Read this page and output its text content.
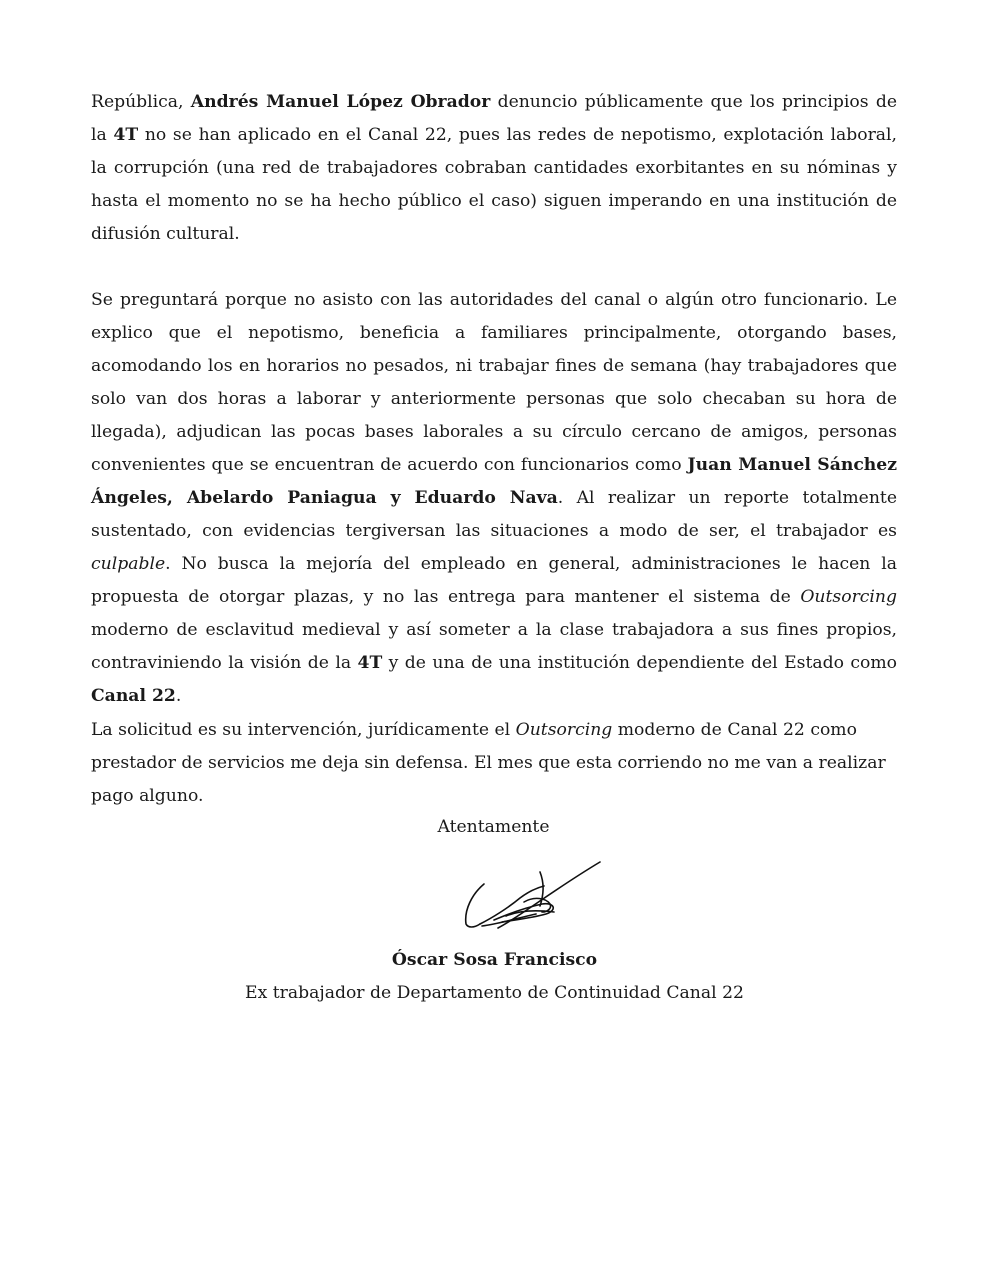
República, Andrés Manuel López Obrador denuncio públicamente que los principios de la 4T no se han aplicado en el Canal 22, pues las redes de nepotismo, explotación laboral, la corrupción (una red de trabajadores cobraban cantidades exorbitantes en su nóminas y hasta el momento no se ha hecho público el caso) siguen imperando en una institución de difusión cultural.

Se preguntará porque no asisto con las autoridades del canal o algún otro funcionario. Le explico que el nepotismo, beneficia a familiares principalmente, otorgando bases, acomodando los en horarios no pesados, ni trabajar fines de semana (hay trabajadores que solo van dos horas a laborar y anteriormente personas que solo checaban su hora de llegada), adjudican las pocas bases laborales a su círculo cercano de amigos, personas convenientes que se encuentran de acuerdo con funcionarios como Juan Manuel Sánchez Ángeles, Abelardo Paniagua y Eduardo Nava. Al realizar un reporte totalmente sustentado, con evidencias tergiversan las situaciones a modo de ser, el trabajador es culpable. No busca la mejoría del empleado en general, administraciones le hacen la propuesta de otorgar plazas, y no las entrega para mantener el sistema de Outsorcing moderno de esclavitud medieval y así someter a la clase trabajadora a sus fines propios, contraviniendo la visión de la 4T y de una de una institución dependiente del Estado como Canal 22.

La solicitud es su intervención, jurídicamente el Outsorcing moderno de Canal 22 como prestador de servicios me deja sin defensa. El mes que esta corriendo no me van a realizar pago alguno.

Atentamente

Óscar Sosa Francisco

Ex trabajador de Departamento de Continuidad Canal 22
